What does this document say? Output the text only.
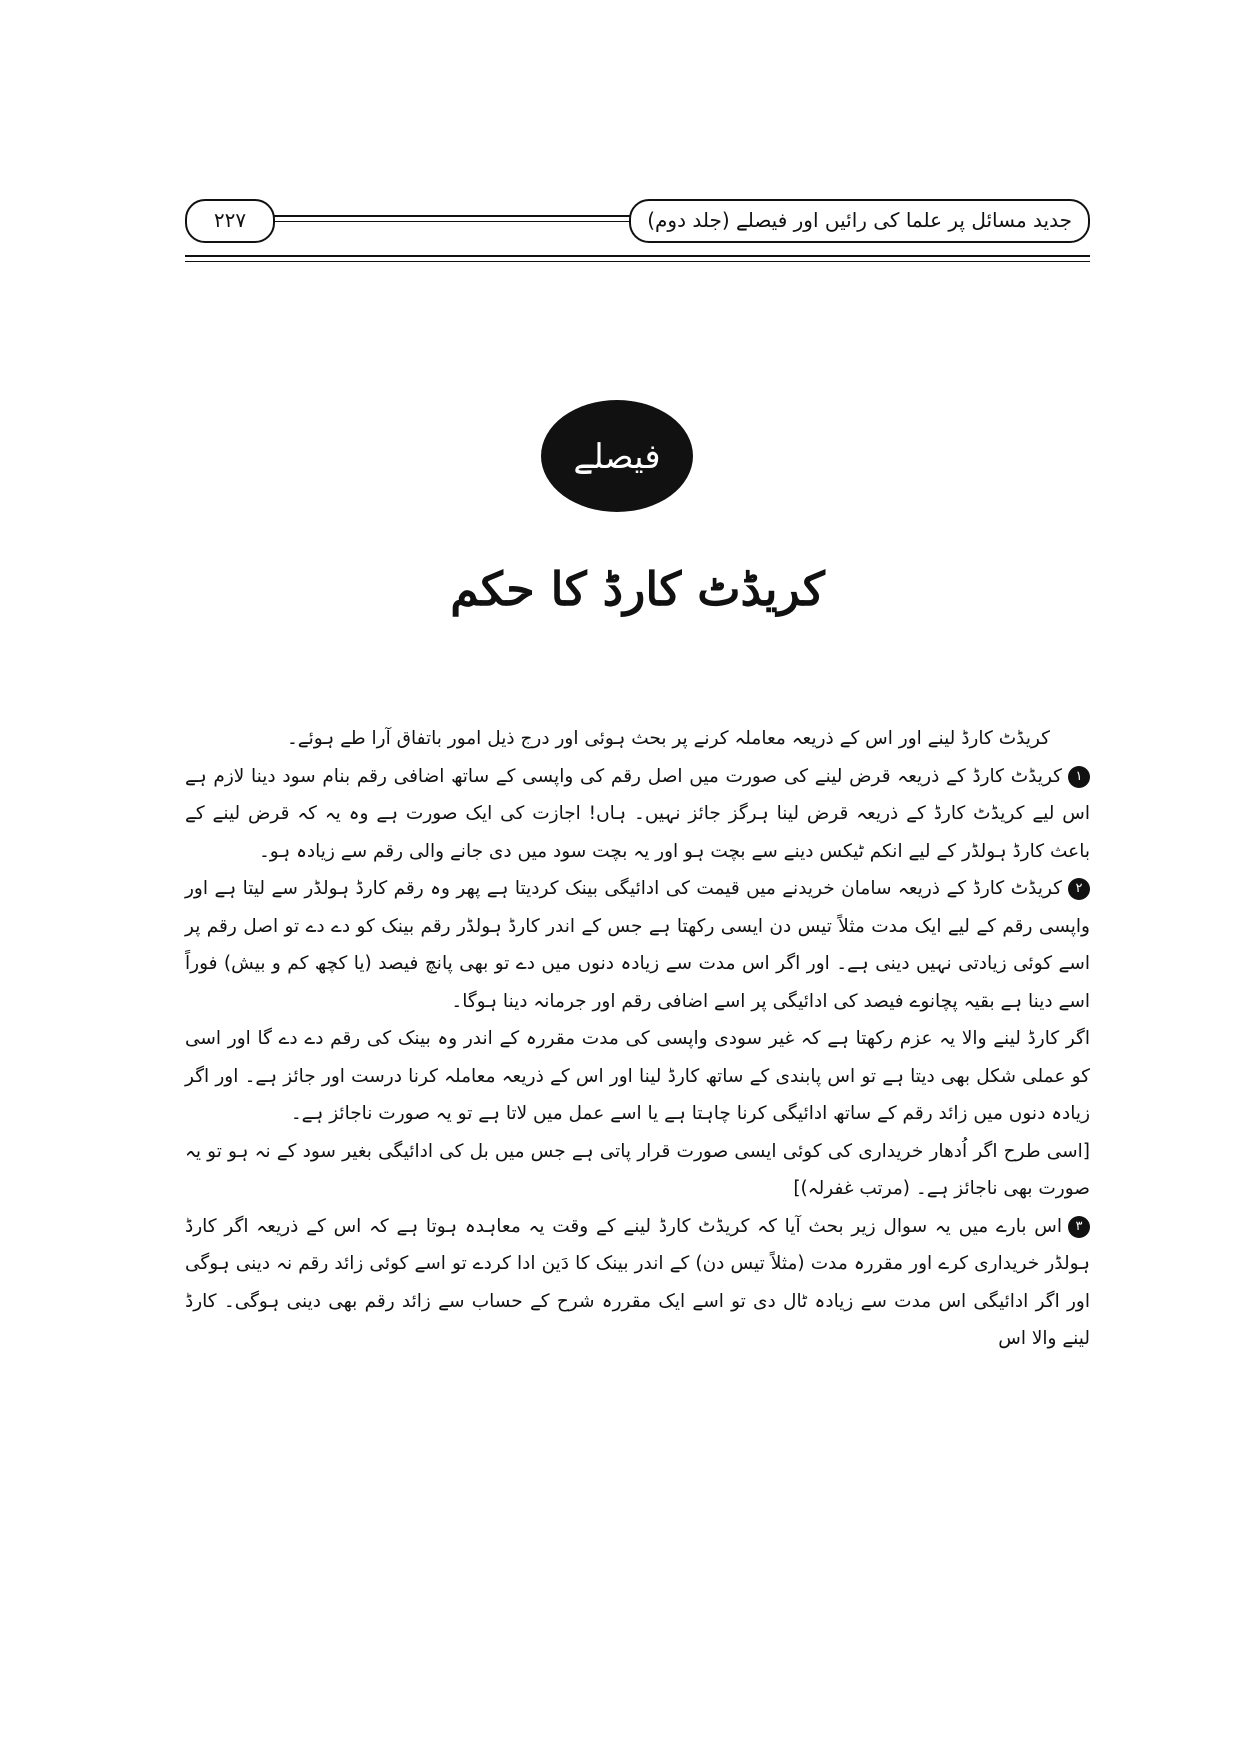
جدید مسائل پر علما کی رائیں اور فیصلے (جلد دوم)
۲۲۷
فیصلے
کریڈٹ کارڈ کا حکم

کریڈٹ کارڈ لینے اور اس کے ذریعہ معاملہ کرنے پر بحث ہوئی اور درج ذیل امور باتفاق آرا طے ہوئے۔

۱کریڈٹ کارڈ کے ذریعہ قرض لینے کی صورت میں اصل رقم کی واپسی کے ساتھ اضافی رقم بنام سود دینا لازم ہے اس لیے کریڈٹ کارڈ کے ذریعہ قرض لینا ہرگز جائز نہیں۔ ہاں! اجازت کی ایک صورت ہے وہ یہ کہ قرض لینے کے باعث کارڈ ہولڈر کے لیے انکم ٹیکس دینے سے بچت ہو اور یہ بچت سود میں دی جانے والی رقم سے زیادہ ہو۔

۲کریڈٹ کارڈ کے ذریعہ سامان خریدنے میں قیمت کی ادائیگی بینک کردیتا ہے پھر وہ رقم کارڈ ہولڈر سے لیتا ہے اور واپسی رقم کے لیے ایک مدت مثلاً تیس دن ایسی رکھتا ہے جس کے اندر کارڈ ہولڈر رقم بینک کو دے دے تو اصل رقم پر اسے کوئی زیادتی نہیں دینی ہے۔ اور اگر اس مدت سے زیادہ دنوں میں دے تو بھی پانچ فیصد (یا کچھ کم و بیش) فوراً اسے دینا ہے بقیہ پچانوے فیصد کی ادائیگی پر اسے اضافی رقم اور جرمانہ دینا ہوگا۔

اگر کارڈ لینے والا یہ عزم رکھتا ہے کہ غیر سودی واپسی کی مدت مقررہ کے اندر وہ بینک کی رقم دے دے گا اور اسی کو عملی شکل بھی دیتا ہے تو اس پابندی کے ساتھ کارڈ لینا اور اس کے ذریعہ معاملہ کرنا درست اور جائز ہے۔ اور اگر زیادہ دنوں میں زائد رقم کے ساتھ ادائیگی کرنا چاہتا ہے یا اسے عمل میں لاتا ہے تو یہ صورت ناجائز ہے۔

[اسی طرح اگر اُدھار خریداری کی کوئی ایسی صورت قرار پاتی ہے جس میں بل کی ادائیگی بغیر سود کے نہ ہو تو یہ صورت بھی ناجائز ہے۔ (مرتب غفرلہ)]

۳اس بارے میں یہ سوال زیر بحث آیا کہ کریڈٹ کارڈ لینے کے وقت یہ معاہدہ ہوتا ہے کہ اس کے ذریعہ اگر کارڈ ہولڈر خریداری کرے اور مقررہ مدت (مثلاً تیس دن) کے اندر بینک کا دَین ادا کردے تو اسے کوئی زائد رقم نہ دینی ہوگی اور اگر ادائیگی اس مدت سے زیادہ ٹال دی تو اسے ایک مقررہ شرح کے حساب سے زائد رقم بھی دینی ہوگی۔ کارڈ لینے والا اس
